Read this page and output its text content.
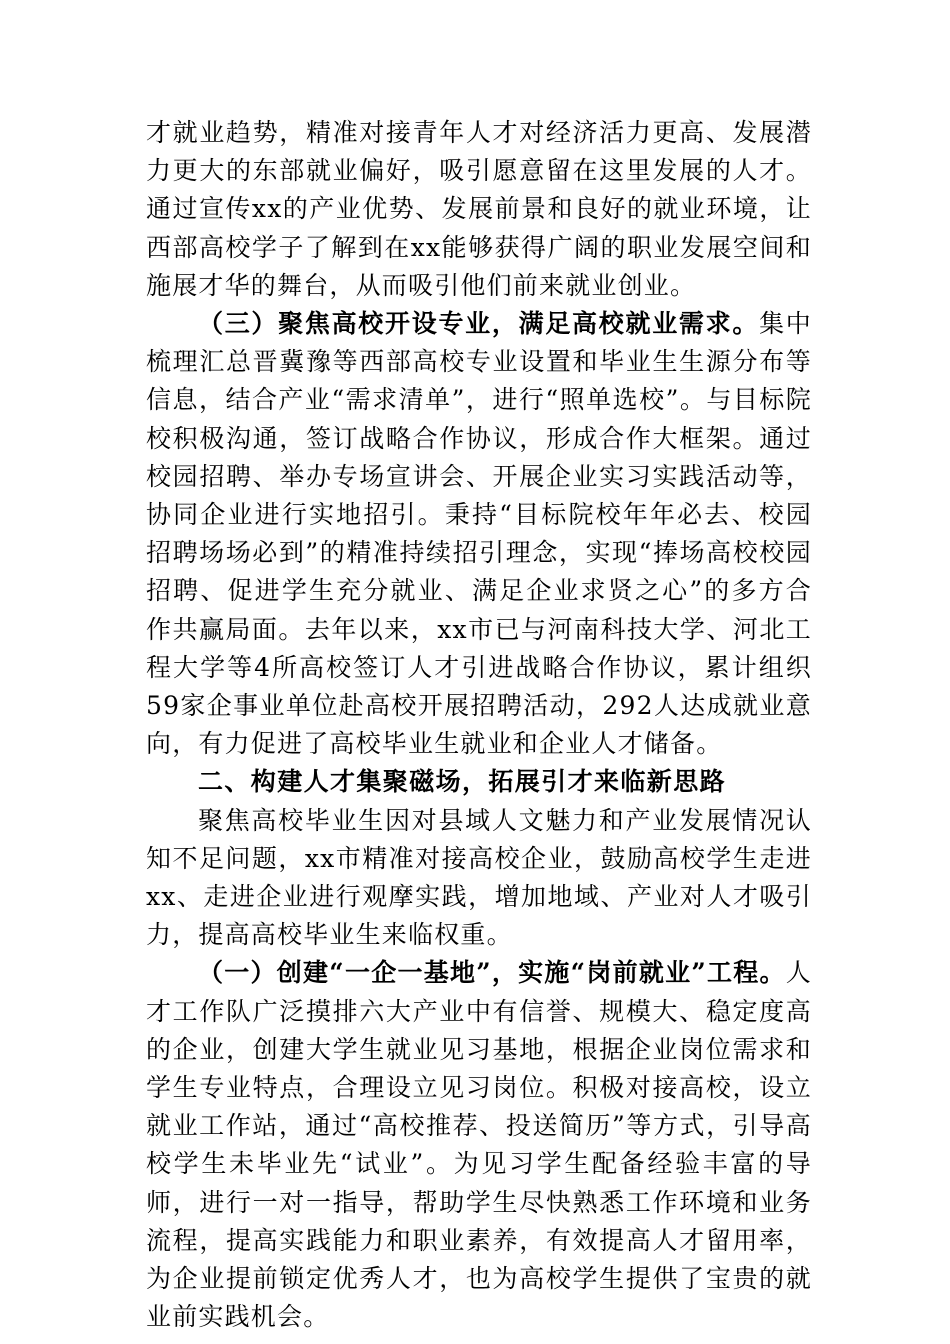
才就业趋势，精准对接青年人才对经济活力更高、发展潜力更大的东部就业偏好，吸引愿意留在这里发展的人才。通过宣传xx的产业优势、发展前景和良好的就业环境，让西部高校学子了解到在xx能够获得广阔的职业发展空间和施展才华的舞台，从而吸引他们前来就业创业。

（三）聚焦高校开设专业，满足高校就业需求。集中梳理汇总晋冀豫等西部高校专业设置和毕业生生源分布等信息，结合产业“需求清单”，进行“照单选校”。与目标院校积极沟通，签订战略合作协议，形成合作大框架。通过校园招聘、举办专场宣讲会、开展企业实习实践活动等，协同企业进行实地招引。秉持“目标院校年年必去、校园招聘场场必到”的精准持续招引理念，实现“捧场高校校园招聘、促进学生充分就业、满足企业求贤之心”的多方合作共赢局面。去年以来，xx市已与河南科技大学、河北工程大学等4所高校签订人才引进战略合作协议，累计组织59家企事业单位赴高校开展招聘活动，292人达成就业意向，有力促进了高校毕业生就业和企业人才储备。

二、构建人才集聚磁场，拓展引才来临新思路

聚焦高校毕业生因对县域人文魅力和产业发展情况认知不足问题，xx市精准对接高校企业，鼓励高校学生走进xx、走进企业进行观摩实践，增加地域、产业对人才吸引力，提高高校毕业生来临权重。

（一）创建“一企一基地”，实施“岗前就业”工程。人才工作队广泛摸排六大产业中有信誉、规模大、稳定度高的企业，创建大学生就业见习基地，根据企业岗位需求和学生专业特点，合理设立见习岗位。积极对接高校，设立就业工作站，通过“高校推荐、投送简历”等方式，引导高校学生未毕业先“试业”。为见习学生配备经验丰富的导师，进行一对一指导，帮助学生尽快熟悉工作环境和业务流程，提高实践能力和职业素养，有效提高人才留用率，为企业提前锁定优秀人才，也为高校学生提供了宝贵的就业前实践机会。
